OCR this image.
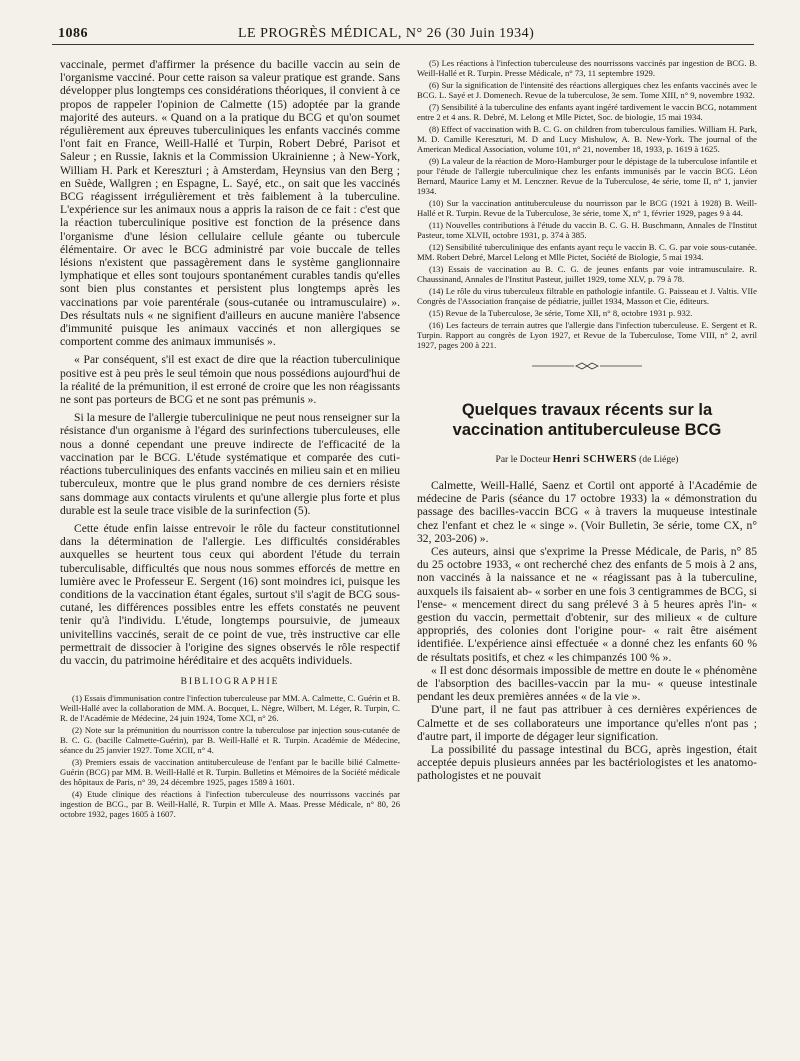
1086	LE PROGRÈS MÉDICAL, N° 26 (30 Juin 1934)

vaccinale, permet d'affirmer la présence du bacille vaccin au sein de l'organisme vacciné. Pour cette raison sa valeur pratique est grande. Sans développer plus longtemps ces considérations théoriques, il convient à ce propos de rappeler l'opinion de Calmette (15) adoptée par la grande majorité des auteurs. « Quand on a la pratique du BCG et qu'on soumet régulièrement aux épreuves tuberculiniques les enfants vaccinés comme l'ont fait en France, Weill-Hallé et Turpin, Robert Debré, Parisot et Saleur ; en Russie, Iaknis et la Commission Ukrainienne ; à New-York, William H. Park et Kereszturi ; à Amsterdam, Heynsius van den Berg ; en Suède, Wallgren ; en Espagne, L. Sayé, etc., on sait que les vaccinés BCG réagissent irrégulièrement et très faiblement à la tuberculine. L'expérience sur les animaux nous a appris la raison de ce fait : c'est que la réaction tuberculinique positive est fonction de la présence dans l'organisme d'une lésion cellulaire cellule géante ou tubercule élémentaire. Or avec le BCG administré par voie buccale de telles lésions n'existent que passagèrement dans le système ganglionnaire lymphatique et elles sont toujours spontanément curables tandis qu'elles sont bien plus constantes et persistent plus longtemps après les vaccinations par voie parentérale (sous-cutanée ou intramusculaire) ». Des résultats nuls « ne signifient d'ailleurs en aucune manière l'absence d'immunité puisque les animaux vaccinés et non allergiques se comportent comme des animaux immunisés ».

« Par conséquent, s'il est exact de dire que la réaction tuberculinique positive est à peu près le seul témoin que nous possédions aujourd'hui de la réalité de la prémunition, il est erroné de croire que les non réagissants ne sont pas porteurs de BCG et ne sont pas prémunis ».

Si la mesure de l'allergie tuberculinique ne peut nous renseigner sur la résistance d'un organisme à l'égard des surinfections tuberculeuses, elle nous a donné cependant une preuve indirecte de l'efficacité de la vaccination par le BCG. L'étude systématique et comparée des cuti-réactions tuberculiniques des enfants vaccinés en milieu sain et en milieu tuberculeux, montre que le plus grand nombre de ces derniers résiste sans dommage aux contacts virulents et qu'une allergie plus forte et plus durable est la seule trace visible de la surinfection (5).

Cette étude enfin laisse entrevoir le rôle du facteur constitutionnel dans la détermination de l'allergie. Les difficultés considérables auxquelles se heurtent tous ceux qui abordent l'étude du terrain tuberculisable, difficultés que nous nous sommes efforcés de mettre en lumière avec le Professeur E. Sergent (16) sont moindres ici, puisque les conditions de la vaccination étant égales, surtout s'il s'agit de BCG sous-cutané, les différences possibles entre les effets constatés ne peuvent tenir qu'à l'individu. L'étude, longtemps poursuivie, de jumeaux univitellins vaccinés, serait de ce point de vue, très instructive car elle permettrait de dissocier à l'origine des signes observés le rôle respectif du vaccin, du patrimoine héréditaire et des acquêts individuels.

BIBLIOGRAPHIE

(1) Essais d'immunisation contre l'infection tuberculeuse par MM. A. Calmette, C. Guérin et B. Weill-Hallé avec la collaboration de MM. A. Bocquet, L. Nègre, Wilbert, M. Léger, R. Turpin, C. R. de l'Académie de Médecine, 24 juin 1924, Tome XCI, n° 26.

(2) Note sur la prémunition du nourrisson contre la tuberculose par injection sous-cutanée de B. C. G. (bacille Calmette-Guérin), par B. Weill-Hallé et R. Turpin. Académie de Médecine, séance du 25 janvier 1927. Tome XCII, n° 4.

(3) Premiers essais de vaccination antituberculeuse de l'enfant par le bacille bilié Calmette-Guérin (BCG) par MM. B. Weill-Hallé et R. Turpin. Bulletins et Mémoires de la Société médicale des hôpitaux de Paris, n° 39, 24 décembre 1925, pages 1589 à 1601.

(4) Etude clinique des réactions à l'infection tuberculeuse des nourrissons vaccinés par ingestion de BCG., par B. Weill-Hallé, R. Turpin et Mlle A. Maas. Presse Médicale, n° 80, 26 octobre 1932, pages 1605 à 1607.

(5) Les réactions à l'infection tuberculeuse des nourrissons vaccinés par ingestion de BCG. B. Weill-Hallé et R. Turpin. Presse Médicale, n° 73, 11 septembre 1929.

(6) Sur la signification de l'intensité des réactions allergiques chez les enfants vaccinés avec le BCG. L. Sayé et J. Domenech. Revue de la tuberculose, 3e sem. Tome XIII, n° 9, novembre 1932.

(7) Sensibilité à la tuberculine des enfants ayant ingéré tardivement le vaccin BCG, notamment entre 2 et 4 ans. R. Debré, M. Lelong et Mlle Pictet, Soc. de biologie, 15 mai 1934.

(8) Effect of vaccination with B. C. G. on children from tuberculous families. William H. Park, M. D. Camille Kereszturi, M. D and Lucy Mishulow, A. B. New-York. The journal of the American Medical Association, volume 101, n° 21, november 18, 1933, p. 1619 à 1625.

(9) La valeur de la réaction de Moro-Hamburger pour le dépistage de la tuberculose infantile et pour l'étude de l'allergie tuberculinique chez les enfants immunisés par le vaccin BCG. Léon Bernard, Maurice Lamy et M. Lenczner. Revue de la Tuberculose, 4e série, tome II, n° 1, janvier 1934.

(10) Sur la vaccination antituberculeuse du nourrisson par le BCG (1921 à 1928) B. Weill-Hallé et R. Turpin. Revue de la Tuberculose, 3e série, tome X, n° 1, février 1929, pages 9 à 44.

(11) Nouvelles contributions à l'étude du vaccin B. C. G. H. Buschmann, Annales de l'Institut Pasteur, tome XLVII, octobre 1931, p. 374 à 385.

(12) Sensibilité tuberculinique des enfants ayant reçu le vaccin B. C. G. par voie sous-cutanée. MM. Robert Debré, Marcel Lelong et Mlle Pictet, Société de Biologie, 5 mai 1934.

(13) Essais de vaccination au B. C. G. de jeunes enfants par voie intramusculaire. R. Chaussinand, Annales de l'Institut Pasteur, juillet 1929, tome XLV, p. 79 à 78.

(14) Le rôle du virus tuberculeux filtrable en pathologie infantile. G. Paisseau et J. Valtis. VIIe Congrès de l'Association française de pédiatrie, juillet 1934, Masson et Cie, éditeurs.

(15) Revue de la Tuberculose, 3e série, Tome XII, n° 8, octobre 1931 p. 932.

(16) Les facteurs de terrain autres que l'allergie dans l'infection tuberculeuse. E. Sergent et R. Turpin. Rapport au congrès de Lyon 1927, et Revue de la Tuberculose, Tome VIII, n° 2, avril 1927, pages 200 à 221.

Quelques travaux récents sur la
vaccination antituberculeuse BCG
Par le Docteur Henri SCHWERS (de Liége)

Calmette, Weill-Hallé, Saenz et Cortil ont apporté à l'Académie de médecine de Paris (séance du 17 octobre 1933) la « démonstration du passage des bacilles-vaccin BCG « à travers la muqueuse intestinale chez l'enfant et chez le « singe ». (Voir Bulletin, 3e série, tome CX, n° 32, 203-206) ».

Ces auteurs, ainsi que s'exprime la Presse Médicale, de Paris, n° 85 du 25 octobre 1933, « ont recherché chez des enfants de 5 mois à 2 ans, non vaccinés à la naissance et ne « réagissant pas à la tuberculine, auxquels ils faisaient ab- « sorber en une fois 3 centigrammes de BCG, si l'ense- « mencement direct du sang prélevé 3 à 5 heures après l'in- « gestion du vaccin, permettait d'obtenir, sur des milieux « de culture appropriés, des colonies dont l'origine pour- « rait être aisément identifiée. L'expérience ainsi effectuée « a donné chez les enfants 60 % de résultats positifs, et chez « les chimpanzés 100 % ».

« Il est donc désormais impossible de mettre en doute le « phénomène de l'absorption des bacilles-vaccin par la mu- « queuse intestinale pendant les deux premières années « de la vie ».

D'une part, il ne faut pas attribuer à ces dernières expériences de Calmette et de ses collaborateurs une importance qu'elles n'ont pas ; d'autre part, il importe de dégager leur signification.

La possibilité du passage intestinal du BCG, après ingestion, était acceptée depuis plusieurs années par les bactériologistes et les anatomo-pathologistes et ne pouvait
